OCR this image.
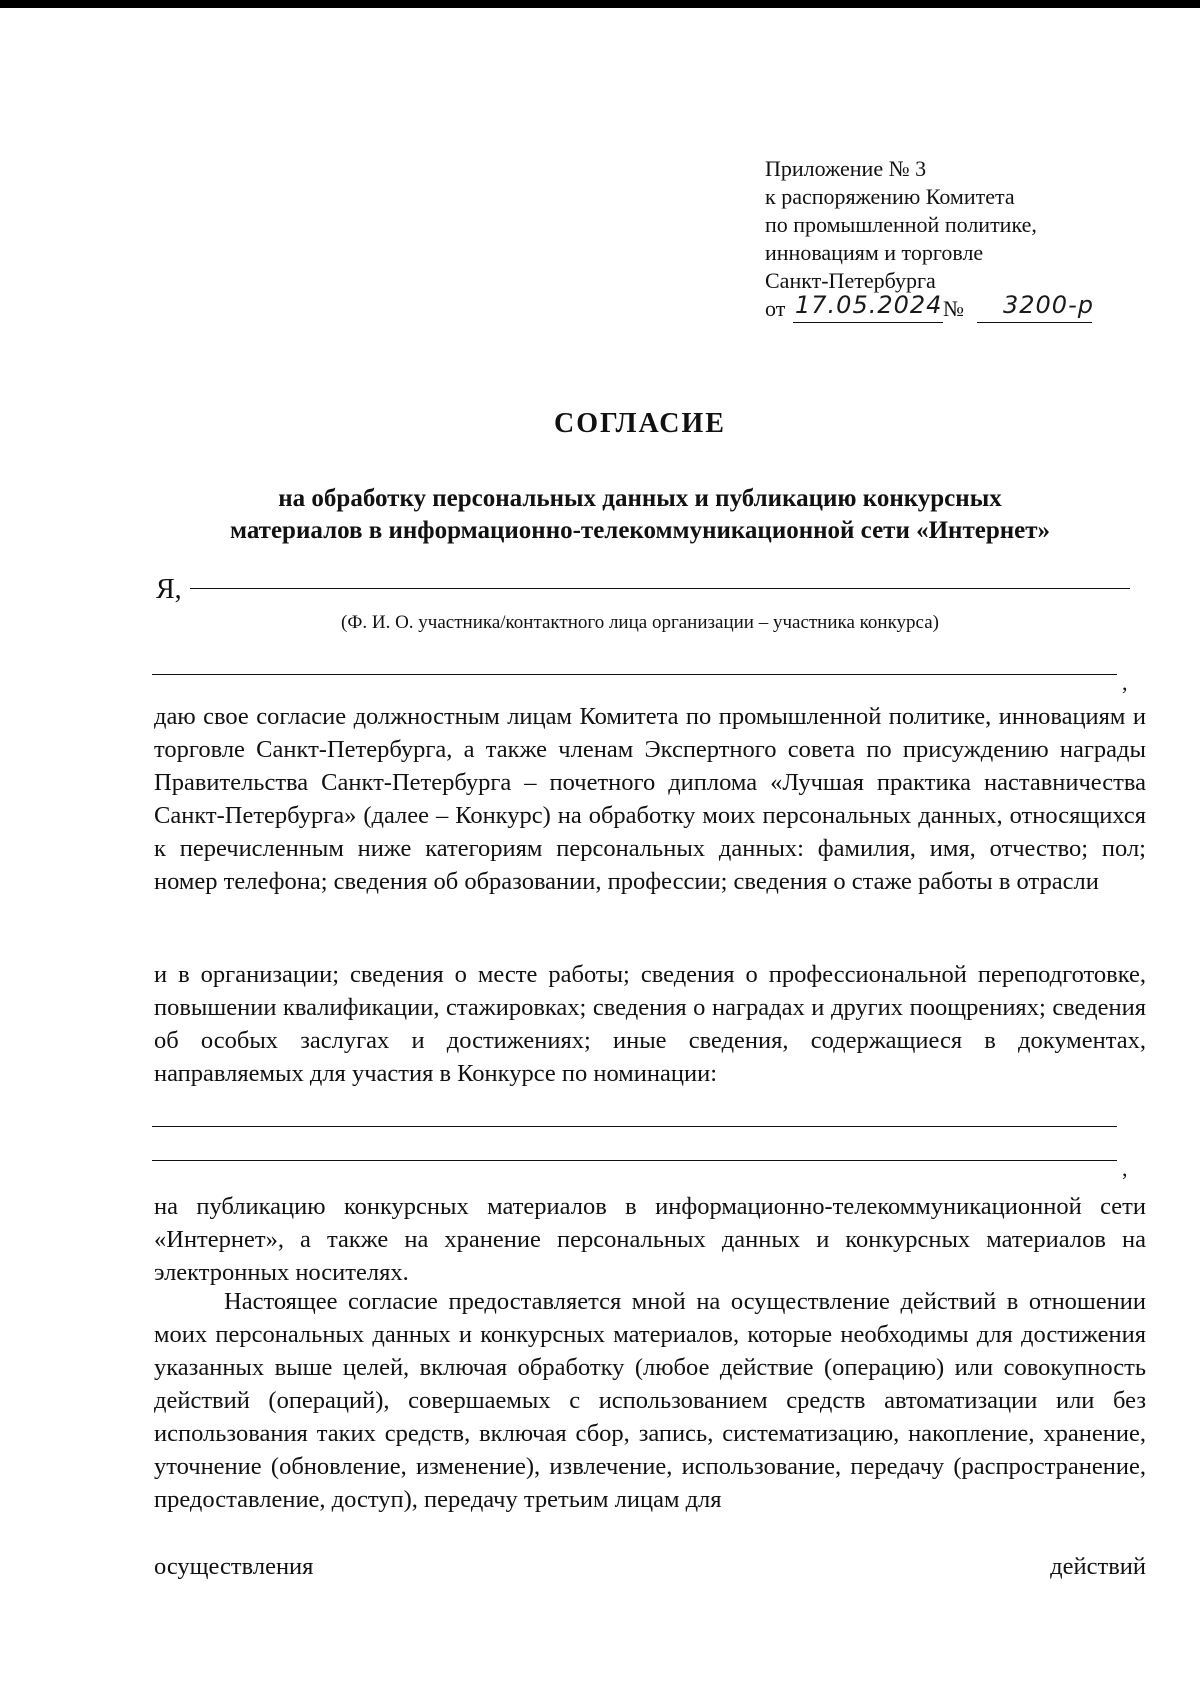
Приложение № 3
к распоряжению Комитета
по промышленной политике,
инновациям и торговле
Санкт-Петербурга
от 17.05.2024 № 3200-р
СОГЛАСИЕ
на обработку персональных данных и публикацию конкурсных
материалов в информационно-телекоммуникационной сети «Интернет»
Я,
(Ф. И. О. участника/контактного лица организации – участника конкурса)
,
даю свое согласие должностным лицам Комитета по промышленной политике, инновациям и торговле Санкт-Петербурга, а также членам Экспертного совета по присуждению награды Правительства Санкт-Петербурга – почетного диплома «Лучшая практика наставничества Санкт-Петербурга» (далее – Конкурс) на обработку моих персональных данных, относящихся к перечисленным ниже категориям персональных данных: фамилия, имя, отчество; пол; номер телефона; сведения об образовании, профессии; сведения о стаже работы в отрасли
и в организации; сведения о месте работы; сведения о профессиональной переподготовке, повышении квалификации, стажировках; сведения о наградах и других поощрениях; сведения об особых заслугах и достижениях; иные сведения, содержащиеся в документах, направляемых для участия в Конкурсе по номинации:
,
на публикацию конкурсных материалов в информационно-телекоммуникационной сети «Интернет», а также на хранение персональных данных и конкурсных материалов на электронных носителях.
Настоящее согласие предоставляется мной на осуществление действий в отношении моих персональных данных и конкурсных материалов, которые необходимы для достижения указанных выше целей, включая обработку (любое действие (операцию) или совокупность действий (операций), совершаемых с использованием средств автоматизации или без использования таких средств, включая сбор, запись, систематизацию, накопление, хранение, уточнение (обновление, изменение), извлечение, использование, передачу (распространение, предоставление, доступ), передачу третьим лицам для
осуществления	действий
